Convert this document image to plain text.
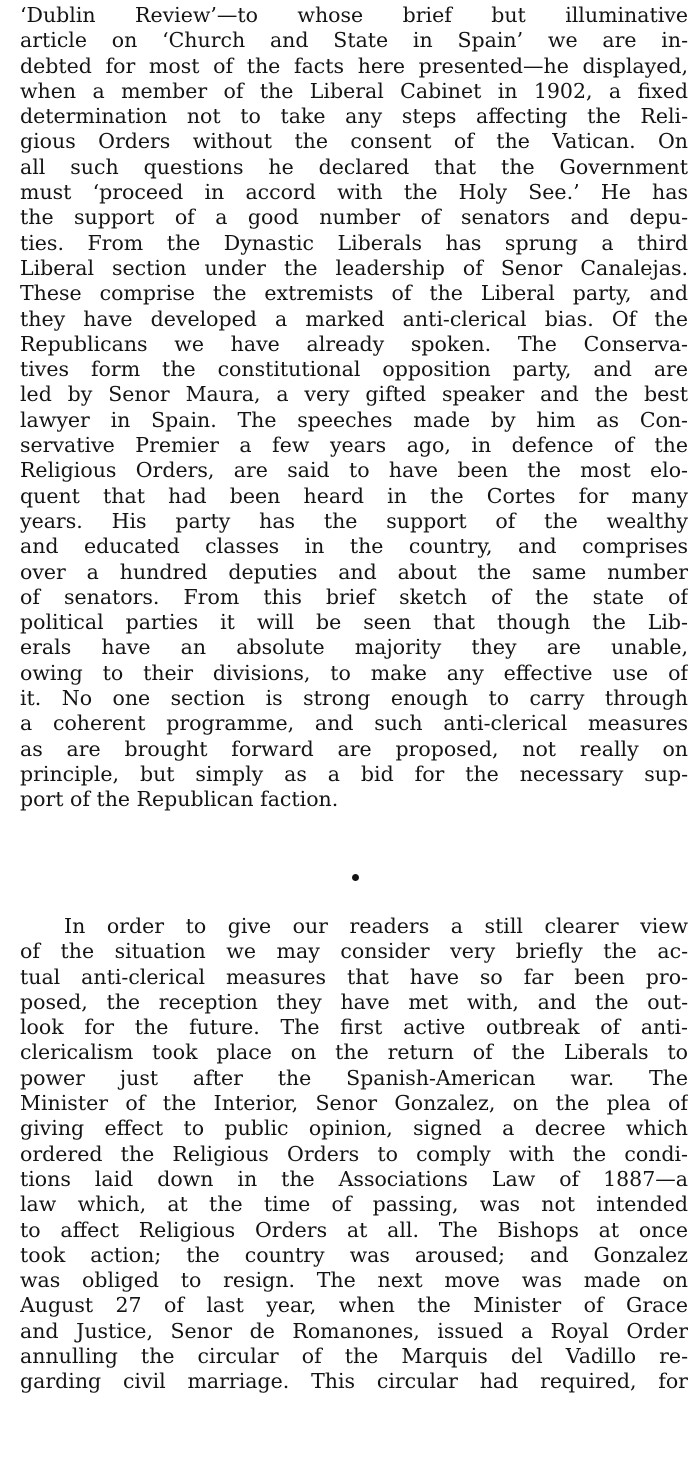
‘Dublin Review’—to whose brief but illuminative
article on ‘Church and State in Spain’ we are in-
debted for most of the facts here presented—he displayed,
when a member of the Liberal Cabinet in 1902, a fixed
determination not to take any steps affecting the Reli-
gious Orders without the consent of the Vatican. On
all such questions he declared that the Government
must ‘proceed in accord with the Holy See.’ He has
the support of a good number of senators and depu-
ties. From the Dynastic Liberals has sprung a third
Liberal section under the leadership of Senor Canalejas.
These comprise the extremists of the Liberal party, and
they have developed a marked anti-clerical bias. Of the
Republicans we have already spoken. The Conserva-
tives form the constitutional opposition party, and are
led by Senor Maura, a very gifted speaker and the best
lawyer in Spain. The speeches made by him as Con-
servative Premier a few years ago, in defence of the
Religious Orders, are said to have been the most elo-
quent that had been heard in the Cortes for many
years. His party has the support of the wealthy
and educated classes in the country, and comprises
over a hundred deputies and about the same number
of senators. From this brief sketch of the state of
political parties it will be seen that though the Lib-
erals have an absolute majority they are unable,
owing to their divisions, to make any effective use of
it. No one section is strong enough to carry through
a coherent programme, and such anti-clerical measures
as are brought forward are proposed, not really on
principle, but simply as a bid for the necessary sup-
port of the Republican faction.
In order to give our readers a still clearer view
of the situation we may consider very briefly the ac-
tual anti-clerical measures that have so far been pro-
posed, the reception they have met with, and the out-
look for the future. The first active outbreak of anti-
clericalism took place on the return of the Liberals to
power just after the Spanish-American war. The
Minister of the Interior, Senor Gonzalez, on the plea of
giving effect to public opinion, signed a decree which
ordered the Religious Orders to comply with the condi-
tions laid down in the Associations Law of 1887—a
law which, at the time of passing, was not intended
to affect Religious Orders at all. The Bishops at once
took action; the country was aroused; and Gonzalez
was obliged to resign. The next move was made on
August 27 of last year, when the Minister of Grace
and Justice, Senor de Romanones, issued a Royal Order
annulling the circular of the Marquis del Vadillo re-
garding civil marriage. This circular had required, for
